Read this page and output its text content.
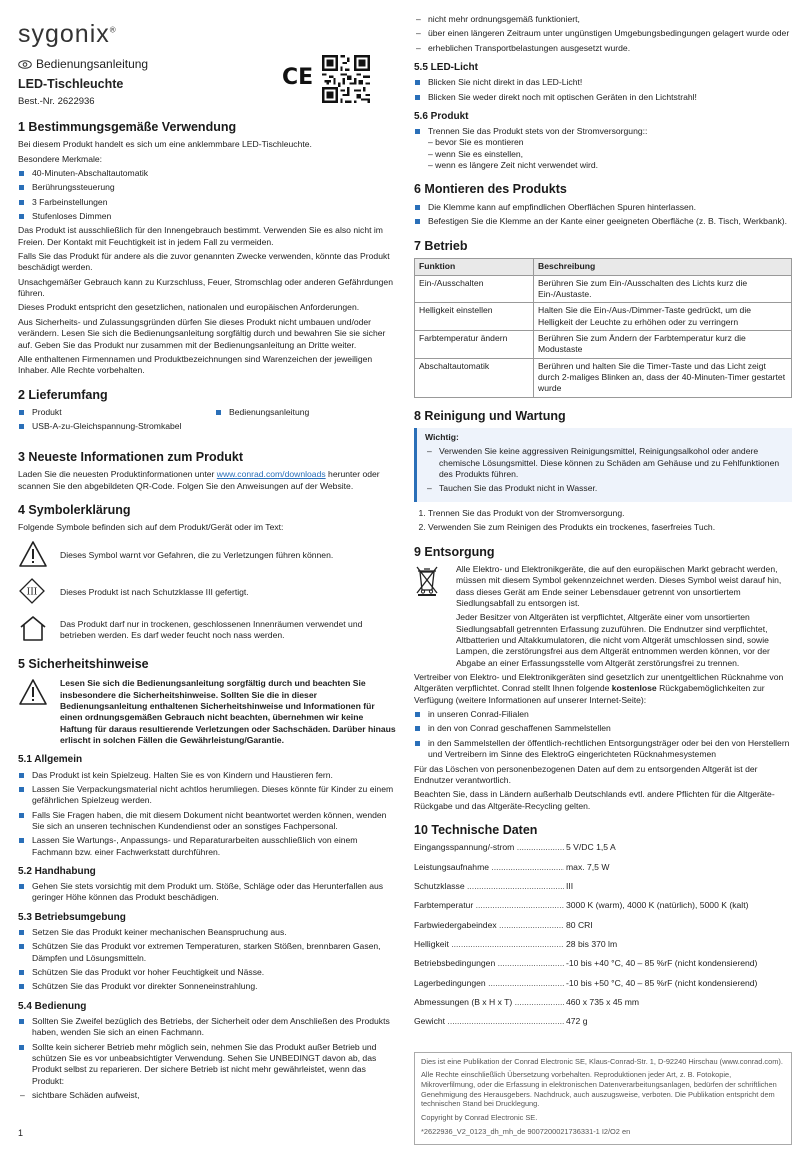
sygonix®
Bedienungsanleitung
LED-Tischleuchte
Best.-Nr. 2622936
1 Bestimmungsgemäße Verwendung

Bei diesem Produkt handelt es sich um eine anklemmbare LED-Tischleuchte.

Besondere Merkmale:

40-Minuten-Abschaltautomatik
Berührungssteuerung
3 Farbeinstellungen
Stufenloses Dimmen

Das Produkt ist ausschließlich für den Innengebrauch bestimmt. Verwenden Sie es also nicht im Freien. Der Kontakt mit Feuchtigkeit ist in jedem Fall zu vermeiden.

Falls Sie das Produkt für andere als die zuvor genannten Zwecke verwenden, könnte das Produkt beschädigt werden.

Unsachgemäßer Gebrauch kann zu Kurzschluss, Feuer, Stromschlag oder anderen Gefährdungen führen.

Dieses Produkt entspricht den gesetzlichen, nationalen und europäischen Anforderungen.

Aus Sicherheits- und Zulassungsgründen dürfen Sie dieses Produkt nicht umbauen und/oder verändern. Lesen Sie sich die Bedienungsanleitung sorgfältig durch und bewahren Sie sie sicher auf. Geben Sie das Produkt nur zusammen mit der Bedienungsanleitung an Dritte weiter.

Alle enthaltenen Firmennamen und Produktbezeichnungen sind Warenzeichen der jeweiligen Inhaber. Alle Rechte vorbehalten.

2 Lieferumfang
Produkt
USB-A-zu-Gleichspannung-Stromkabel
Bedienungsanleitung
3 Neueste Informationen zum Produkt

Laden Sie die neuesten Produktinformationen unter www.conrad.com/downloads herunter oder scannen Sie den abgebildeten QR-Code. Folgen Sie den Anweisungen auf der Website.

4 Symbolerklärung

Folgende Symbole befinden sich auf dem Produkt/Gerät oder im Text:

Dieses Symbol warnt vor Gefahren, die zu Verletzungen führen können.
III	Dieses Produkt ist nach Schutzklasse III gefertigt.
Das Produkt darf nur in trockenen, geschlossenen Innenräumen verwendet und betrieben werden. Es darf weder feucht noch nass werden.
5 Sicherheitshinweise
Lesen Sie sich die Bedienungsanleitung sorgfältig durch und beachten Sie insbesondere die Sicherheitshinweise. Sollten Sie die in dieser Bedienungsanleitung enthaltenen Sicherheitshinweise und Informationen für einen ordnungsgemäßen Gebrauch nicht beachten, übernehmen wir keine Haftung für daraus resultierende Verletzungen oder Sachschäden. Darüber hinaus erlischt in solchen Fällen die Gewährleistung/Garantie.
5.1 Allgemein
Das Produkt ist kein Spielzeug. Halten Sie es von Kindern und Haustieren fern.
Lassen Sie Verpackungsmaterial nicht achtlos herumliegen. Dieses könnte für Kinder zu einem gefährlichen Spielzeug werden.
Falls Sie Fragen haben, die mit diesem Dokument nicht beantwortet werden können, wenden Sie sich an unseren technischen Kundendienst oder an sonstiges Fachpersonal.
Lassen Sie Wartungs-, Anpassungs- und Reparaturarbeiten ausschließlich von einem Fachmann bzw. einer Fachwerkstatt durchführen.
5.2 Handhabung
Gehen Sie stets vorsichtig mit dem Produkt um. Stöße, Schläge oder das Herunterfallen aus geringer Höhe können das Produkt beschädigen.
5.3 Betriebsumgebung
Setzen Sie das Produkt keiner mechanischen Beanspruchung aus.
Schützen Sie das Produkt vor extremen Temperaturen, starken Stößen, brennbaren Gasen, Dämpfen und Lösungsmitteln.
Schützen Sie das Produkt vor hoher Feuchtigkeit und Nässe.
Schützen Sie das Produkt vor direkter Sonneneinstrahlung.
5.4 Bedienung
Sollten Sie Zweifel bezüglich des Betriebs, der Sicherheit oder dem Anschließen des Produkts haben, wenden Sie sich an einen Fachmann.
Sollte kein sicherer Betrieb mehr möglich sein, nehmen Sie das Produkt außer Betrieb und schützen Sie es vor unbeabsichtigter Verwendung. Sehen Sie UNBEDINGT davon ab, das Produkt selbst zu reparieren. Der sichere Betrieb ist nicht mehr gewährleistet, wenn das Produkt:
– sichtbare Schäden aufweist,
1
– nicht mehr ordnungsgemäß funktioniert,
– über einen längeren Zeitraum unter ungünstigen Umgebungsbedingungen gelagert wurde oder
– erheblichen Transportbelastungen ausgesetzt wurde.
5.5 LED-Licht
Blicken Sie nicht direkt in das LED-Licht!
Blicken Sie weder direkt noch mit optischen Geräten in den Lichtstrahl!
5.6 Produkt
Trennen Sie das Produkt stets von der Stromversorgung::
– bevor Sie es montieren
– wenn Sie es einstellen,
– wenn es längere Zeit nicht verwendet wird.
6 Montieren des Produkts
Die Klemme kann auf empfindlichen Oberflächen Spuren hinterlassen.
Befestigen Sie die Klemme an der Kante einer geeigneten Oberfläche (z. B. Tisch, Werkbank).
7 Betrieb
Funktion	Beschreibung
Ein-/Ausschalten	Berühren Sie zum Ein-/Ausschalten des Lichts kurz die Ein-/Austaste.
Helligkeit einstellen	Halten Sie die Ein-/Aus-/Dimmer-Taste gedrückt, um die Helligkeit der Leuchte zu erhöhen oder zu verringern
Farbtemperatur ändern	Berühren Sie zum Ändern der Farbtemperatur kurz die Modustaste
Abschaltautomatik	Berühren und halten Sie die Timer-Taste und das Licht zeigt durch 2-maliges Blinken an, dass der 40-Minuten-Timer gestartet wurde
8 Reinigung und Wartung
Wichtig:
– Verwenden Sie keine aggressiven Reinigungsmittel, Reinigungsalkohol oder andere chemische Lösungsmittel. Diese können zu Schäden am Gehäuse und zu Fehlfunktionen des Produkts führen.
– Tauchen Sie das Produkt nicht in Wasser.
1. Trennen Sie das Produkt von der Stromversorgung.
2. Verwenden Sie zum Reinigen des Produkts ein trockenes, faserfreies Tuch.
9 Entsorgung

Alle Elektro- und Elektronikgeräte, die auf den europäischen Markt gebracht werden, müssen mit diesem Symbol gekennzeichnet werden. Dieses Symbol weist darauf hin, dass dieses Gerät am Ende seiner Lebensdauer getrennt von unsortiertem Siedlungsabfall zu entsorgen ist.

Jeder Besitzer von Altgeräten ist verpflichtet, Altgeräte einer vom unsortierten Siedlungsabfall getrennten Erfassung zuzuführen. Die Endnutzer sind verpflichtet, Altbatterien und Altakkumulatoren, die nicht vom Altgerät umschlossen sind, sowie Lampen, die zerstörungsfrei aus dem Altgerät entnommen werden können, vor der Abgabe an einer Erfassungsstelle vom Altgerät zerstörungsfrei zu trennen.

Vertreiber von Elektro- und Elektronikgeräten sind gesetzlich zur unentgeltlichen Rücknahme von Altgeräten verpflichtet. Conrad stellt Ihnen folgende kostenlose Rückgabemöglichkeiten zur Verfügung (weitere Informationen auf unserer Internet-Seite):

in unseren Conrad-Filialen
in den von Conrad geschaffenen Sammelstellen
in den Sammelstellen der öffentlich-rechtlichen Entsorgungsträger oder bei den von Herstellern und Vertreibern im Sinne des ElektroG eingerichteten Rücknahmesystemen

Für das Löschen von personenbezogenen Daten auf dem zu entsorgenden Altgerät ist der Endnutzer verantwortlich.

Beachten Sie, dass in Ländern außerhalb Deutschlands evtl. andere Pflichten für die Altgeräte-Rückgabe und das Altgeräte-Recycling gelten.

10 Technische Daten
Eingangsspannung/-strom .....	5 V/DC 1,5 A
Leistungsaufnahme .....	max. 7,5 W
Schutzklasse .....	III
Farbtemperatur .....	3000 K (warm), 4000 K (natürlich), 5000 K (kalt)
Farbwiedergabeindex .....	80 CRI
Helligkeit .....	28 bis 370 lm
Betriebsbedingungen .....	-10 bis +40 °C, 40 – 85 %rF (nicht kondensierend)
Lagerbedingungen .....	-10 bis +50 °C, 40 – 85 %rF (nicht kondensierend)
Abmessungen (B x H x T) .....	460 x 735 x 45 mm
Gewicht .....	472 g

Dies ist eine Publikation der Conrad Electronic SE, Klaus-Conrad-Str. 1, D-92240 Hirschau (www.conrad.com).

Alle Rechte einschließlich Übersetzung vorbehalten. Reproduktionen jeder Art, z. B. Fotokopie, Mikroverfilmung, oder die Erfassung in elektronischen Datenverarbeitungsanlagen, bedürfen der schriftlichen Genehmigung des Herausgebers. Nachdruck, auch auszugsweise, verboten. Die Publikation entspricht dem technischen Stand bei Drucklegung.

Copyright by Conrad Electronic SE.

*2622936_V2_0123_dh_mh_de 9007200021736331-1 I2/O2 en

CE
